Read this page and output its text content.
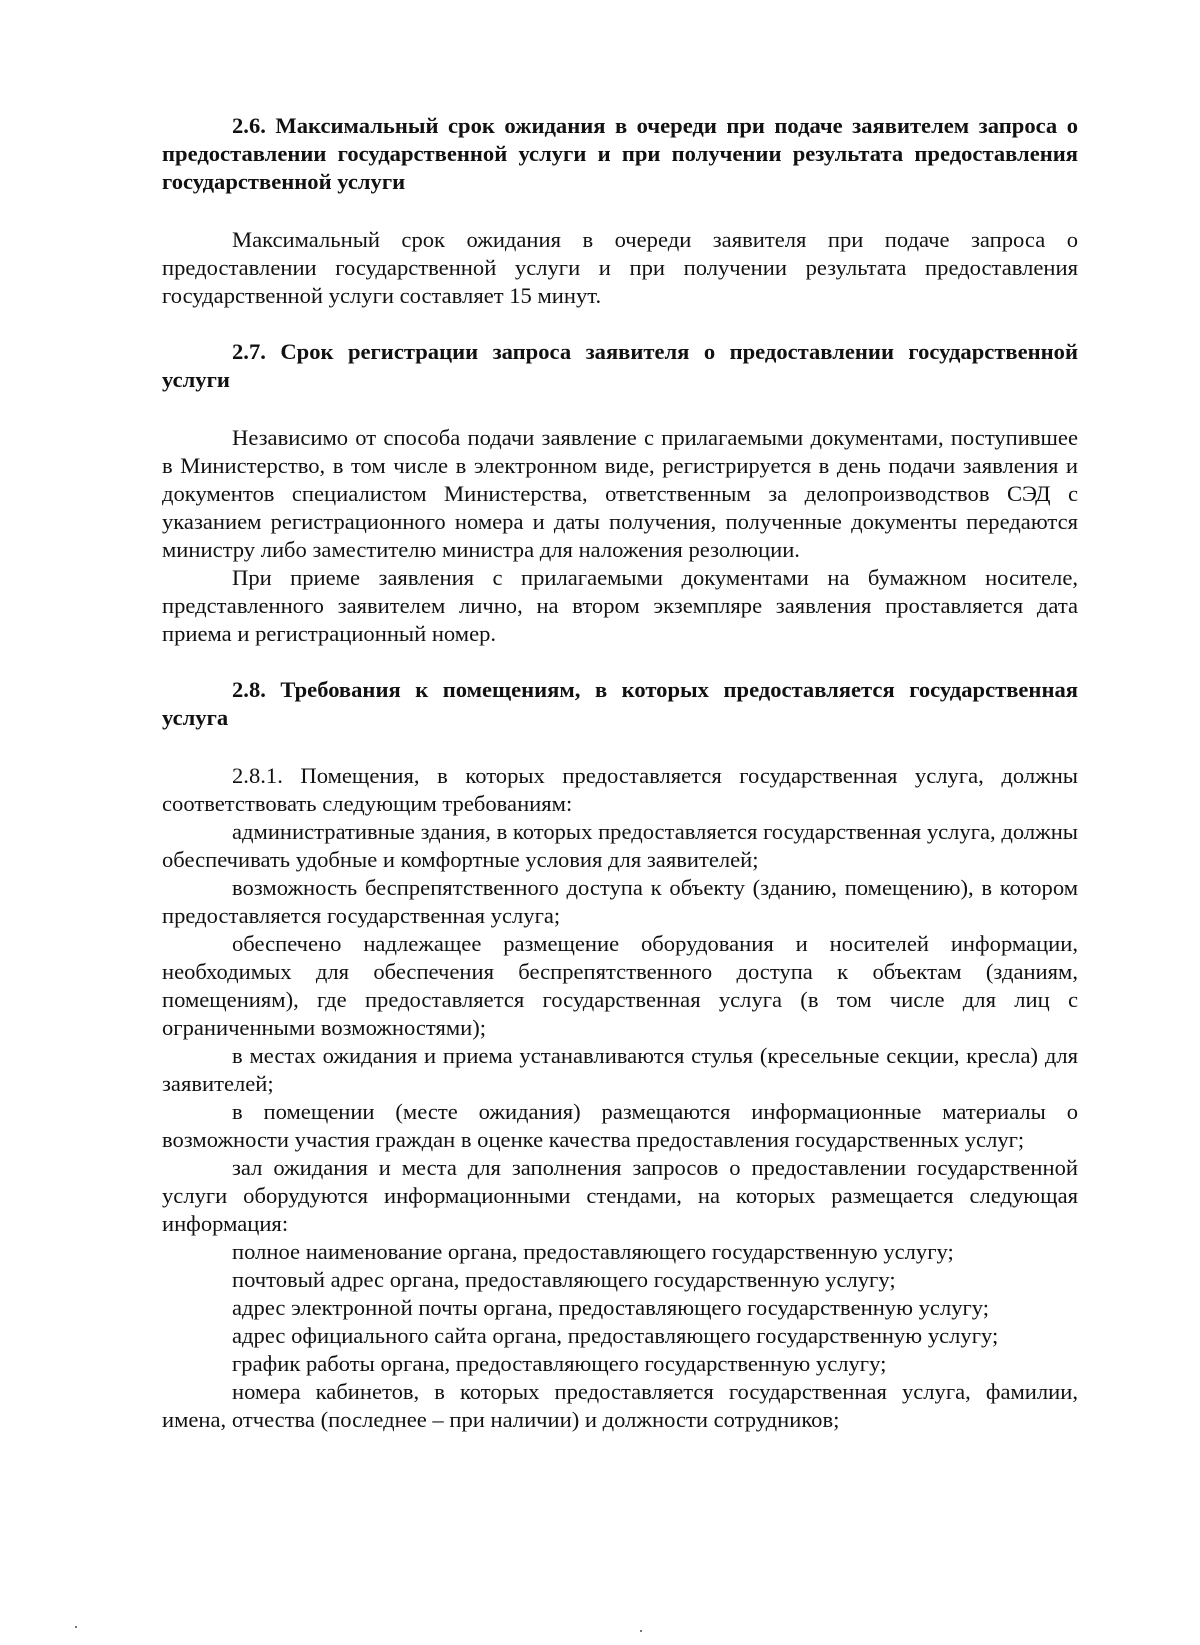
2.6. Максимальный срок ожидания в очереди при подаче заявителем запроса о предоставлении государственной услуги и при получении результата предоставления государственной услуги

Максимальный срок ожидания в очереди заявителя при подаче запроса о предоставлении государственной услуги и при получении результата предоставления государственной услуги составляет 15 минут.

2.7. Срок регистрации запроса заявителя о предоставлении государственной услуги

Независимо от способа подачи заявление с прилагаемыми документами, поступившее в Министерство, в том числе в электронном виде, регистрируется в день подачи заявления и документов специалистом Министерства, ответственным за делопроизводствов СЭД с указанием регистрационного номера и даты получения, полученные документы передаются министру либо заместителю министра для наложения резолюции.

При приеме заявления с прилагаемыми документами на бумажном носителе, представленного заявителем лично, на втором экземпляре заявления проставляется дата приема и регистрационный номер.

2.8. Требования к помещениям, в которых предоставляется государственная услуга

2.8.1. Помещения, в которых предоставляется государственная услуга, должны соответствовать следующим требованиям:

административные здания, в которых предоставляется государственная услуга, должны обеспечивать удобные и комфортные условия для заявителей;

возможность беспрепятственного доступа к объекту (зданию, помещению), в котором предоставляется государственная услуга;

обеспечено надлежащее размещение оборудования и носителей информации, необходимых для обеспечения беспрепятственного доступа к объектам (зданиям, помещениям), где предоставляется государственная услуга (в том числе для лиц с ограниченными возможностями);

в местах ожидания и приема устанавливаются стулья (кресельные секции, кресла) для заявителей;

в помещении (месте ожидания) размещаются информационные материалы о возможности участия граждан в оценке качества предоставления государственных услуг;

зал ожидания и места для заполнения запросов о предоставлении государственной услуги оборудуются информационными стендами, на которых размещается следующая информация:

полное наименование органа, предоставляющего государственную услугу;

почтовый адрес органа, предоставляющего государственную услугу;

адрес электронной почты органа, предоставляющего государственную услугу;

адрес официального сайта органа, предоставляющего государственную услугу;

график работы органа, предоставляющего государственную услугу;

номера кабинетов, в которых предоставляется государственная услуга, фамилии, имена, отчества (последнее – при наличии) и должности сотрудников;
